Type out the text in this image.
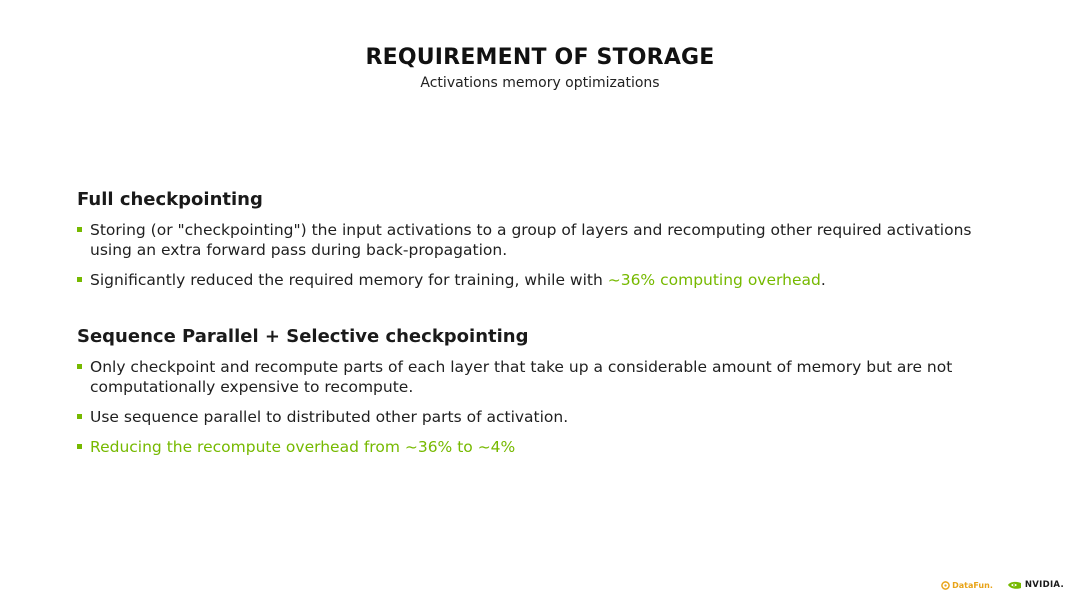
REQUIREMENT OF STORAGE
Activations memory optimizations
Full checkpointing
Storing (or "checkpointing") the input activations to a group of layers and recomputing other required activations using an extra forward pass during back-propagation.
Significantly reduced the required memory for training, while with ~36% computing overhead.
Sequence Parallel + Selective checkpointing
Only checkpoint and recompute parts of each layer that take up a considerable amount of memory but are not computationally expensive to recompute.
Use sequence parallel to distributed other parts of activation.
Reducing the recompute overhead from ~36% to ~4%
DataFun.	NVIDIA.
